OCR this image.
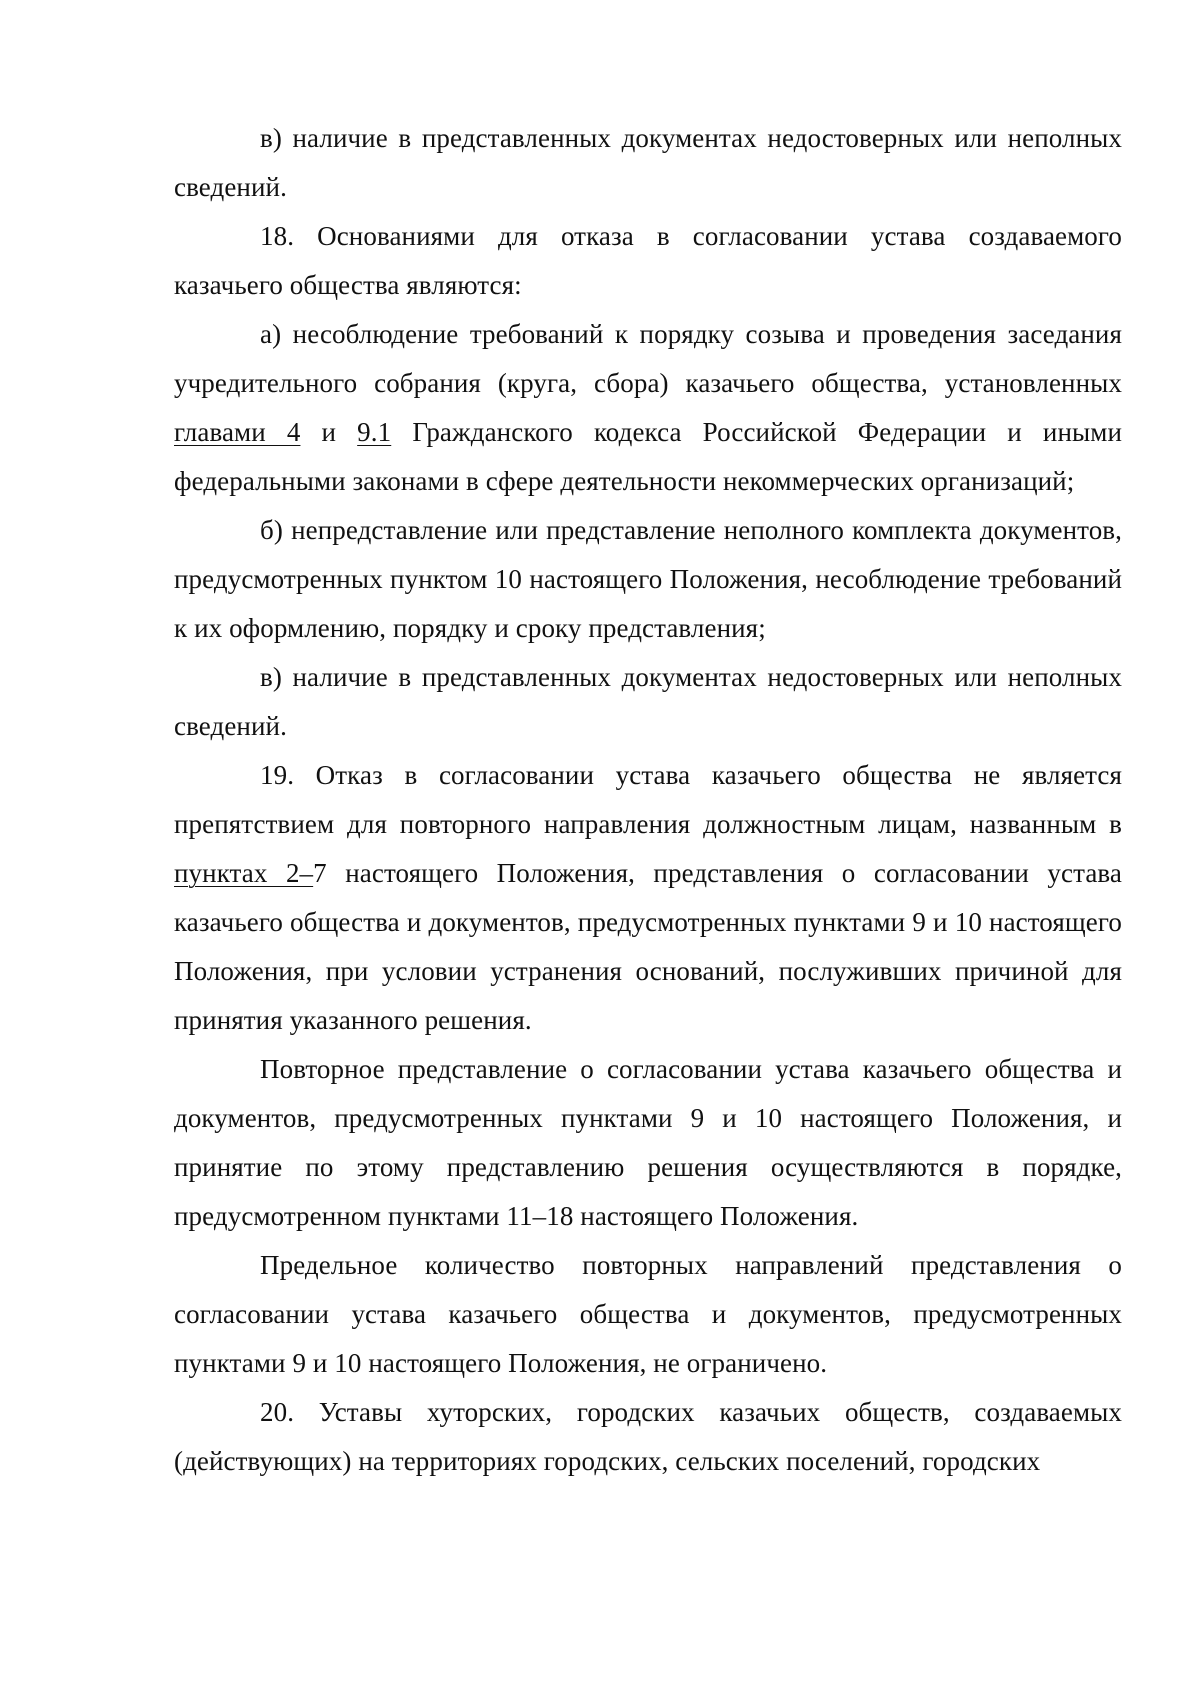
в) наличие в представленных документах недостоверных или неполных сведений.

18. Основаниями для отказа в согласовании устава создаваемого казачьего общества являются:

а) несоблюдение требований к порядку созыва и проведения заседания учредительного собрания (круга, сбора) казачьего общества, установленных главами 4 и 9.1 Гражданского кодекса Российской Федерации и иными федеральными законами в сфере деятельности некоммерческих организаций;

б) непредставление или представление неполного комплекта документов, предусмотренных пунктом 10 настоящего Положения, несоблюдение требований к их оформлению, порядку и сроку представления;

в) наличие в представленных документах недостоверных или неполных сведений.

19. Отказ в согласовании устава казачьего общества не является препятствием для повторного направления должностным лицам, названным в пунктах 2–7 настоящего Положения, представления о согласовании устава казачьего общества и документов, предусмотренных пунктами 9 и 10 настоящего Положения, при условии устранения оснований, послуживших причиной для принятия указанного решения.

Повторное представление о согласовании устава казачьего общества и документов, предусмотренных пунктами 9 и 10 настоящего Положения, и принятие по этому представлению решения осуществляются в порядке, предусмотренном пунктами 11–18 настоящего Положения.

Предельное количество повторных направлений представления о согласовании устава казачьего общества и документов, предусмотренных пунктами 9 и 10 настоящего Положения, не ограничено.

20. Уставы хуторских, городских казачьих обществ, создаваемых (действующих) на территориях городских, сельских поселений, городских
